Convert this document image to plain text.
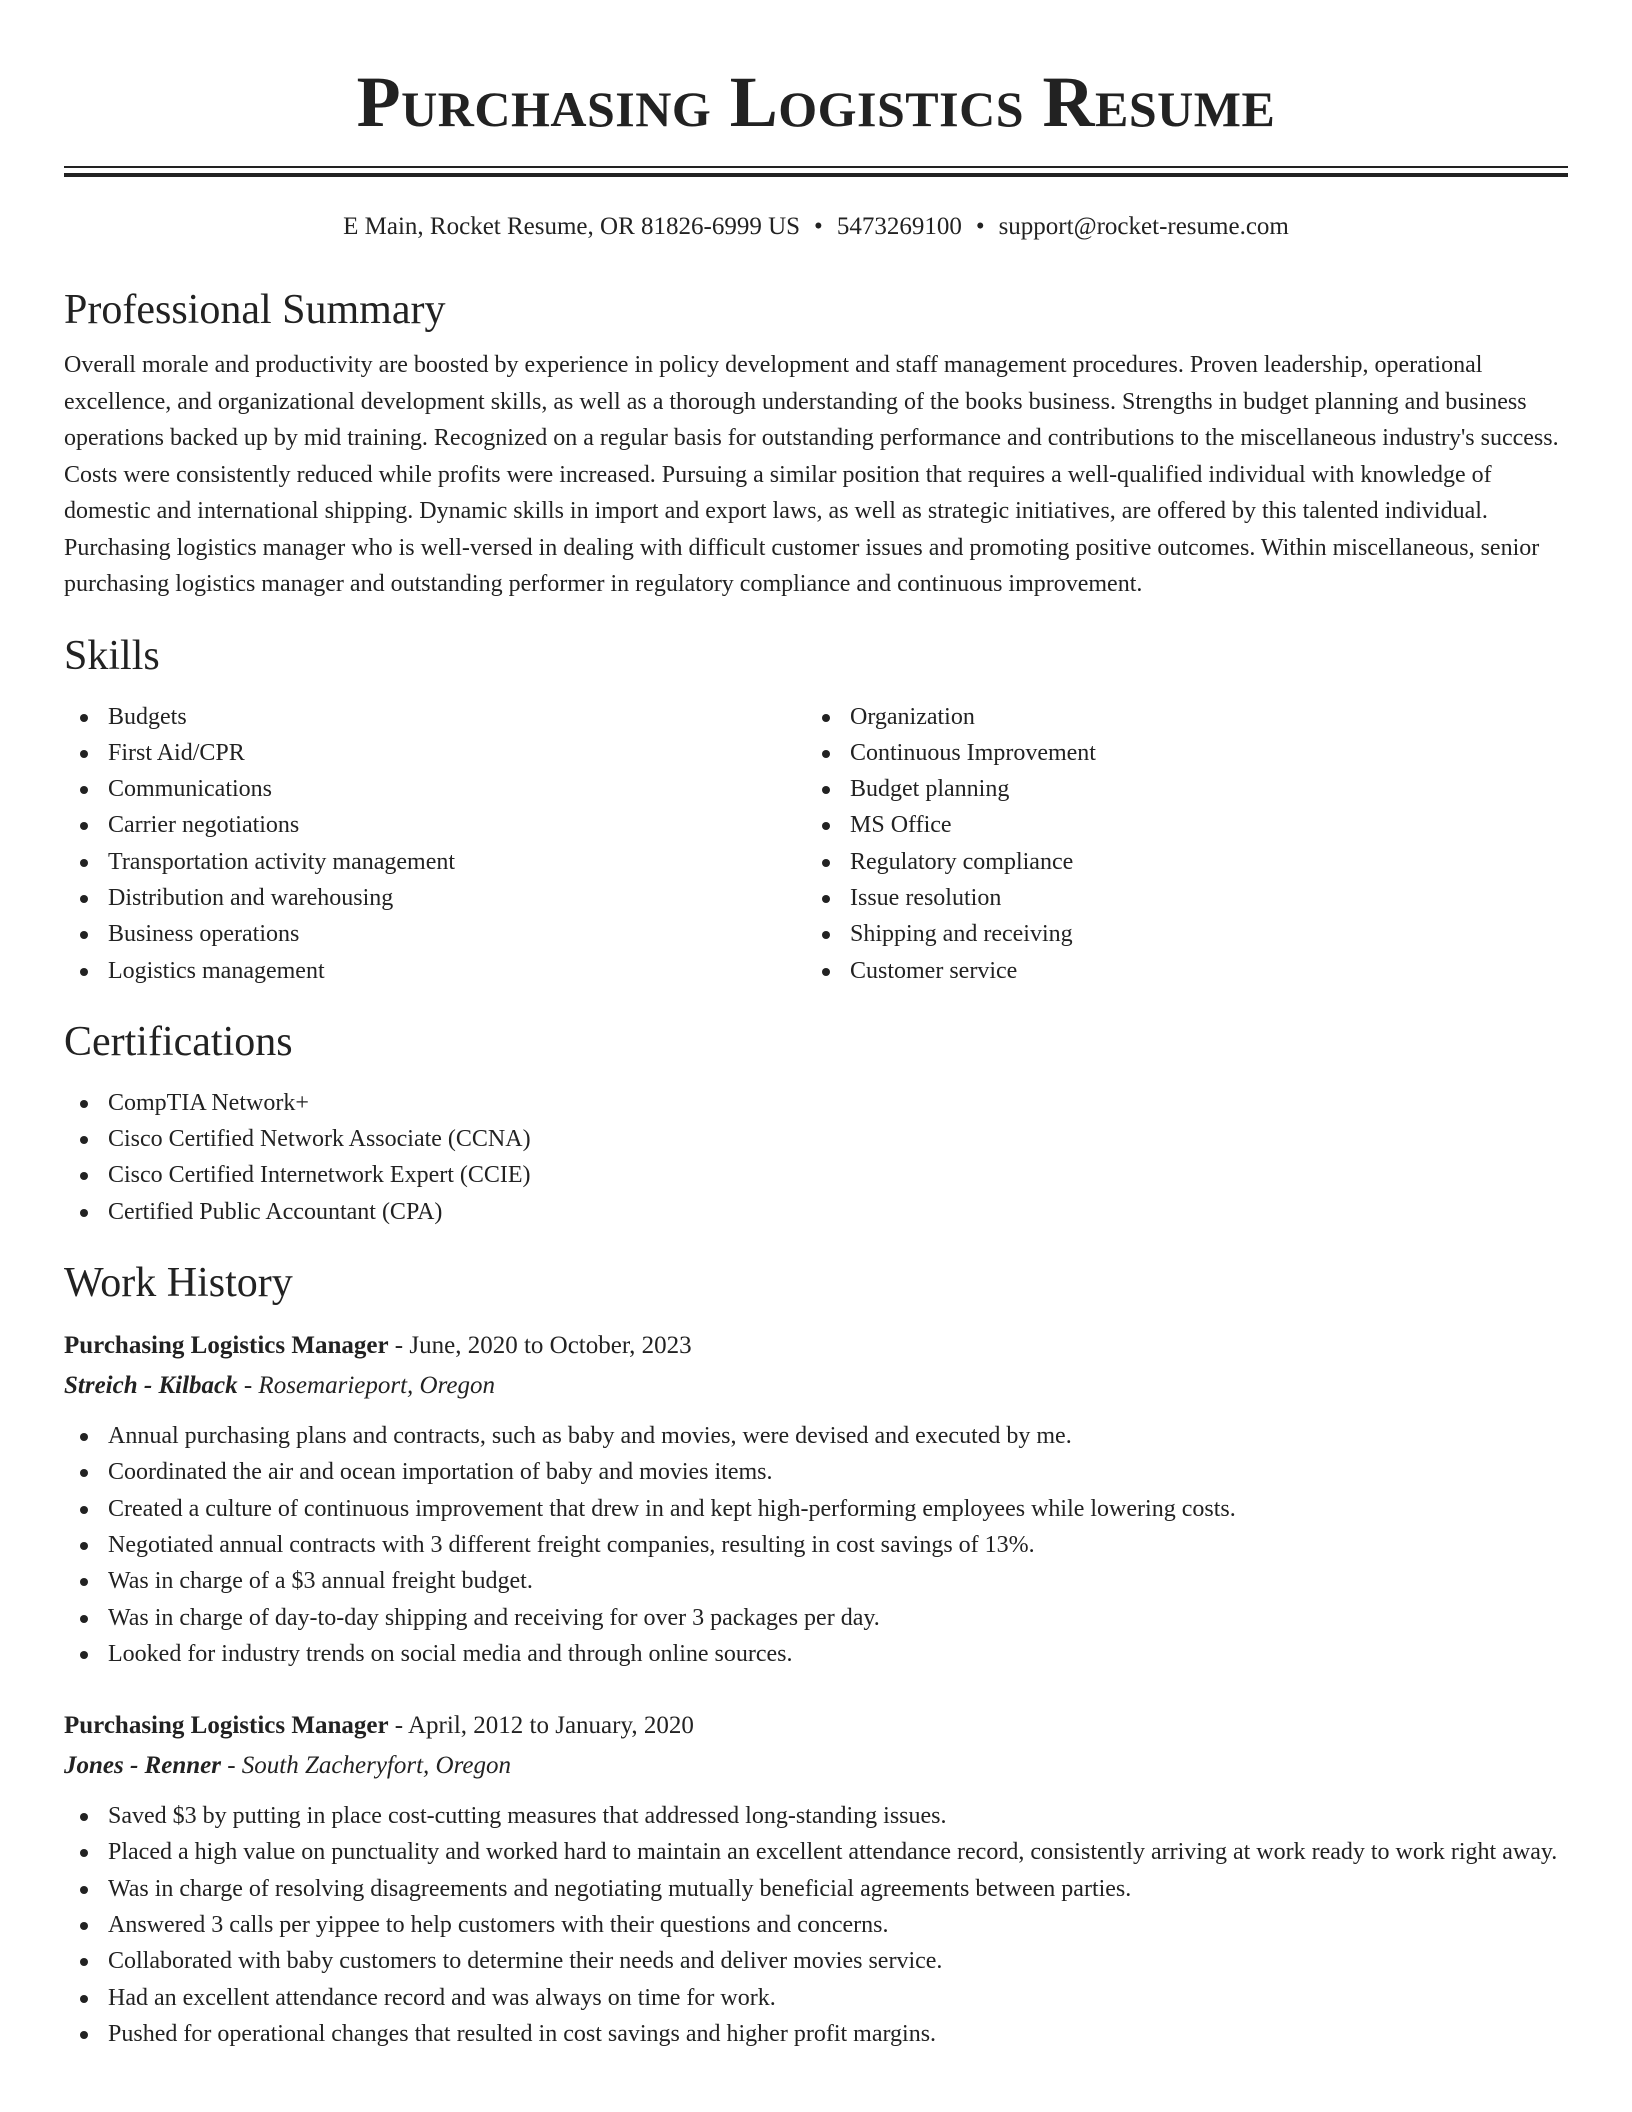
Purchasing Logistics Resume
E Main, Rocket Resume, OR 81826-6999 US • 5473269100 • support@rocket-resume.com
Professional Summary

Overall morale and productivity are boosted by experience in policy development and staff management procedures. Proven leadership, operational excellence, and organizational development skills, as well as a thorough understanding of the books business. Strengths in budget planning and business operations backed up by mid training. Recognized on a regular basis for outstanding performance and contributions to the miscellaneous industry's success. Costs were consistently reduced while profits were increased. Pursuing a similar position that requires a well-qualified individual with knowledge of domestic and international shipping. Dynamic skills in import and export laws, as well as strategic initiatives, are offered by this talented individual. Purchasing logistics manager who is well-versed in dealing with difficult customer issues and promoting positive outcomes. Within miscellaneous, senior purchasing logistics manager and outstanding performer in regulatory compliance and continuous improvement.

Skills
Budgets
First Aid/CPR
Communications
Carrier negotiations
Transportation activity management
Distribution and warehousing
Business operations
Logistics management
Organization
Continuous Improvement
Budget planning
MS Office
Regulatory compliance
Issue resolution
Shipping and receiving
Customer service
Certifications
CompTIA Network+
Cisco Certified Network Associate (CCNA)
Cisco Certified Internetwork Expert (CCIE)
Certified Public Accountant (CPA)
Work History
Purchasing Logistics Manager - June, 2020 to October, 2023
Streich - Kilback - Rosemarieport, Oregon
Annual purchasing plans and contracts, such as baby and movies, were devised and executed by me.
Coordinated the air and ocean importation of baby and movies items.
Created a culture of continuous improvement that drew in and kept high-performing employees while lowering costs.
Negotiated annual contracts with 3 different freight companies, resulting in cost savings of 13%.
Was in charge of a $3 annual freight budget.
Was in charge of day-to-day shipping and receiving for over 3 packages per day.
Looked for industry trends on social media and through online sources.
Purchasing Logistics Manager - April, 2012 to January, 2020
Jones - Renner - South Zacheryfort, Oregon
Saved $3 by putting in place cost-cutting measures that addressed long-standing issues.
Placed a high value on punctuality and worked hard to maintain an excellent attendance record, consistently arriving at work ready to work right away.
Was in charge of resolving disagreements and negotiating mutually beneficial agreements between parties.
Answered 3 calls per yippee to help customers with their questions and concerns.
Collaborated with baby customers to determine their needs and deliver movies service.
Had an excellent attendance record and was always on time for work.
Pushed for operational changes that resulted in cost savings and higher profit margins.
